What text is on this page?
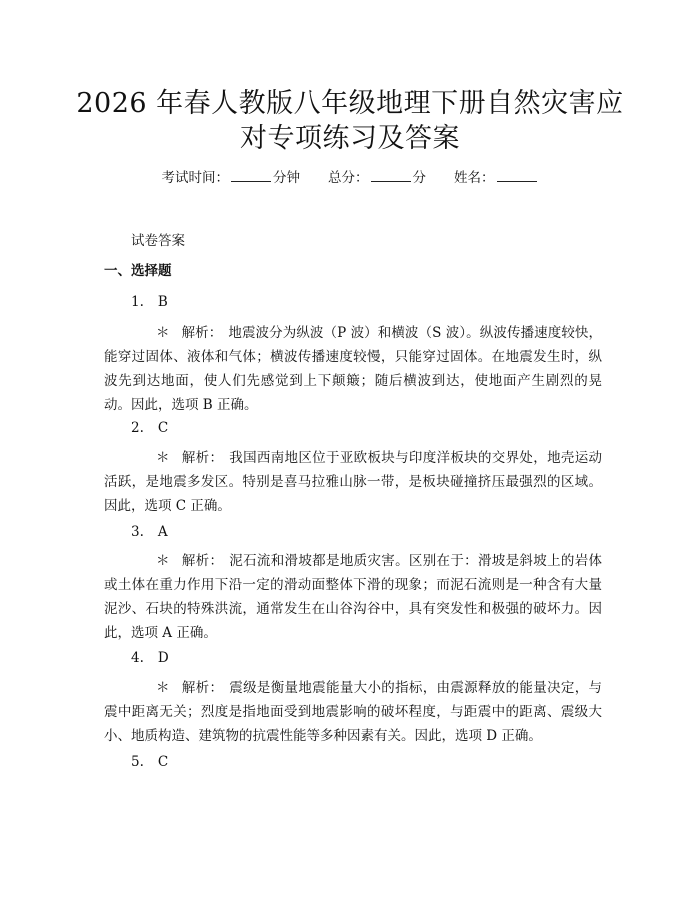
2026 年春人教版八年级地理下册自然灾害应
对专项练习及答案
考试时间：	分钟 总分：	分 姓名：
试卷答案
一、选择题
1. B

＊ 解析： 地震波分为纵波（P 波）和横波（S 波）。纵波传播速度较快，能穿过固体、液体和气体；横波传播速度较慢，只能穿过固体。在地震发生时，纵波先到达地面，使人们先感觉到上下颠簸；随后横波到达，使地面产生剧烈的晃动。因此，选项 B 正确。

2. C

＊ 解析： 我国西南地区位于亚欧板块与印度洋板块的交界处，地壳运动活跃，是地震多发区。特别是喜马拉雅山脉一带，是板块碰撞挤压最强烈的区域。因此，选项 C 正确。

3. A

＊ 解析： 泥石流和滑坡都是地质灾害。区别在于：滑坡是斜坡上的岩体或土体在重力作用下沿一定的滑动面整体下滑的现象；而泥石流则是一种含有大量泥沙、石块的特殊洪流，通常发生在山谷沟谷中，具有突发性和极强的破坏力。因此，选项 A 正确。

4. D

＊ 解析： 震级是衡量地震能量大小的指标，由震源释放的能量决定，与震中距离无关；烈度是指地面受到地震影响的破坏程度，与距震中的距离、震级大小、地质构造、建筑物的抗震性能等多种因素有关。因此，选项 D 正确。

5. C
